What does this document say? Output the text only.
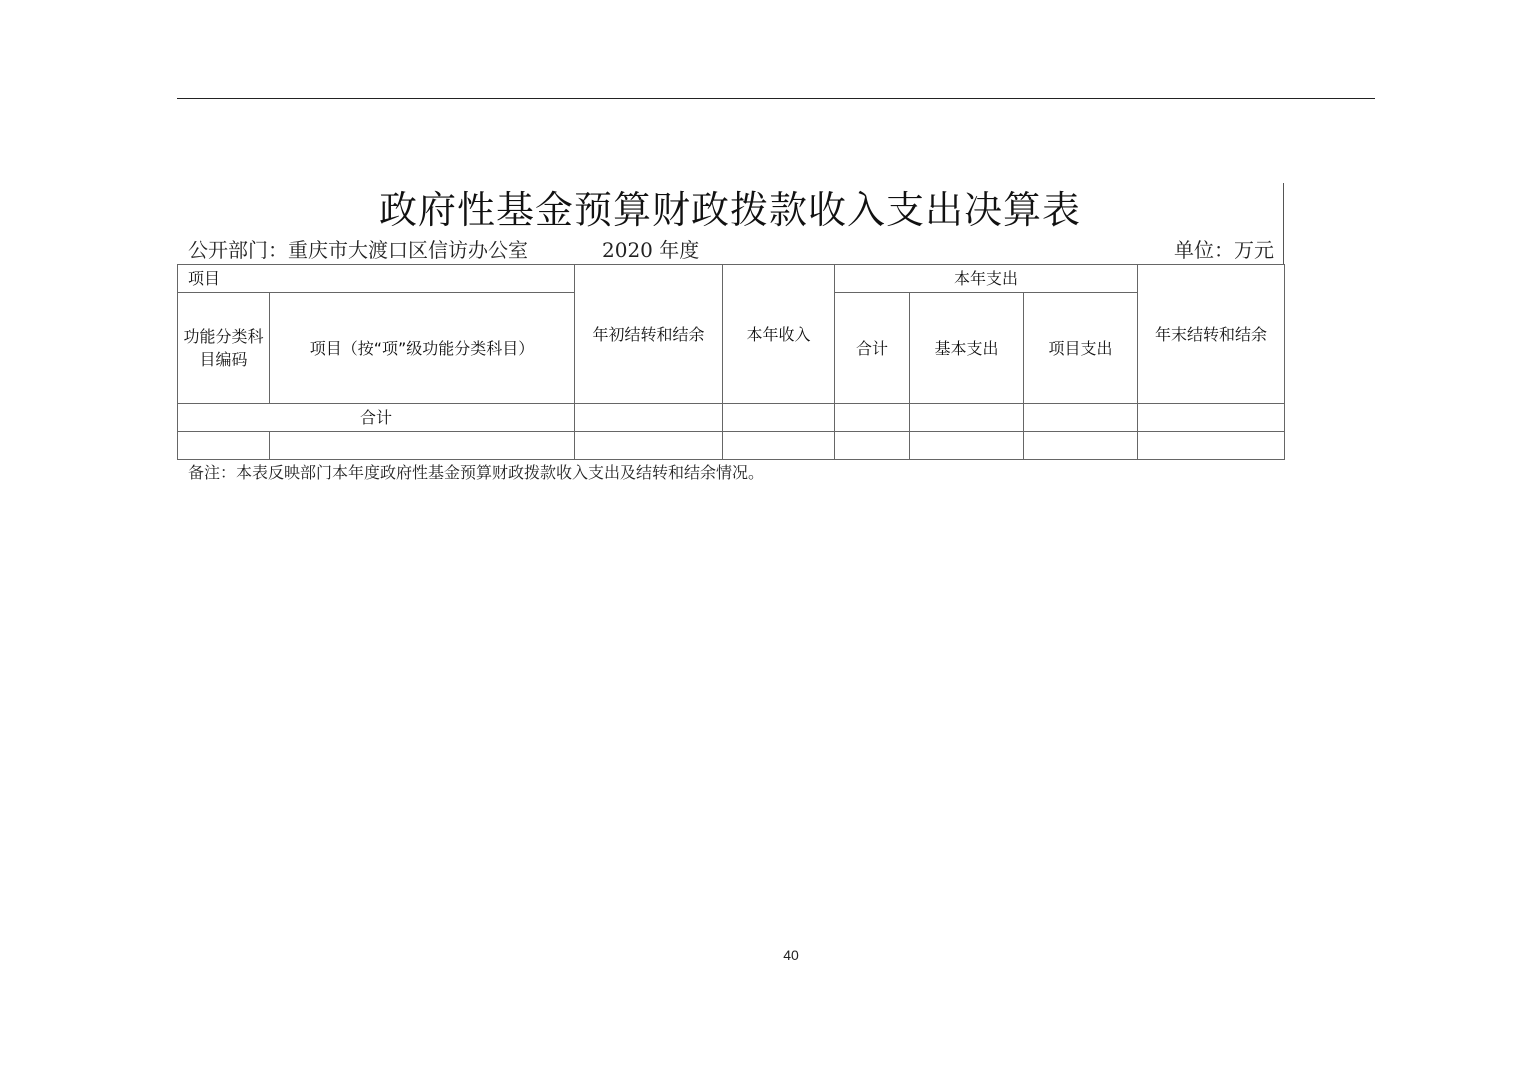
政府性基金预算财政拨款收入支出决算表
公开部门：重庆市大渡口区信访办公室	2020 年度	单位：万元
项目		年初结转和结余	本年收入	本年支出			年末结转和结余
功能分类科目编码	项目（按“项”级功能分类科目）			合计	基本支出	项目支出	
合计							

备注：本表反映部门本年度政府性基金预算财政拨款收入支出及结转和结余情况。
40
